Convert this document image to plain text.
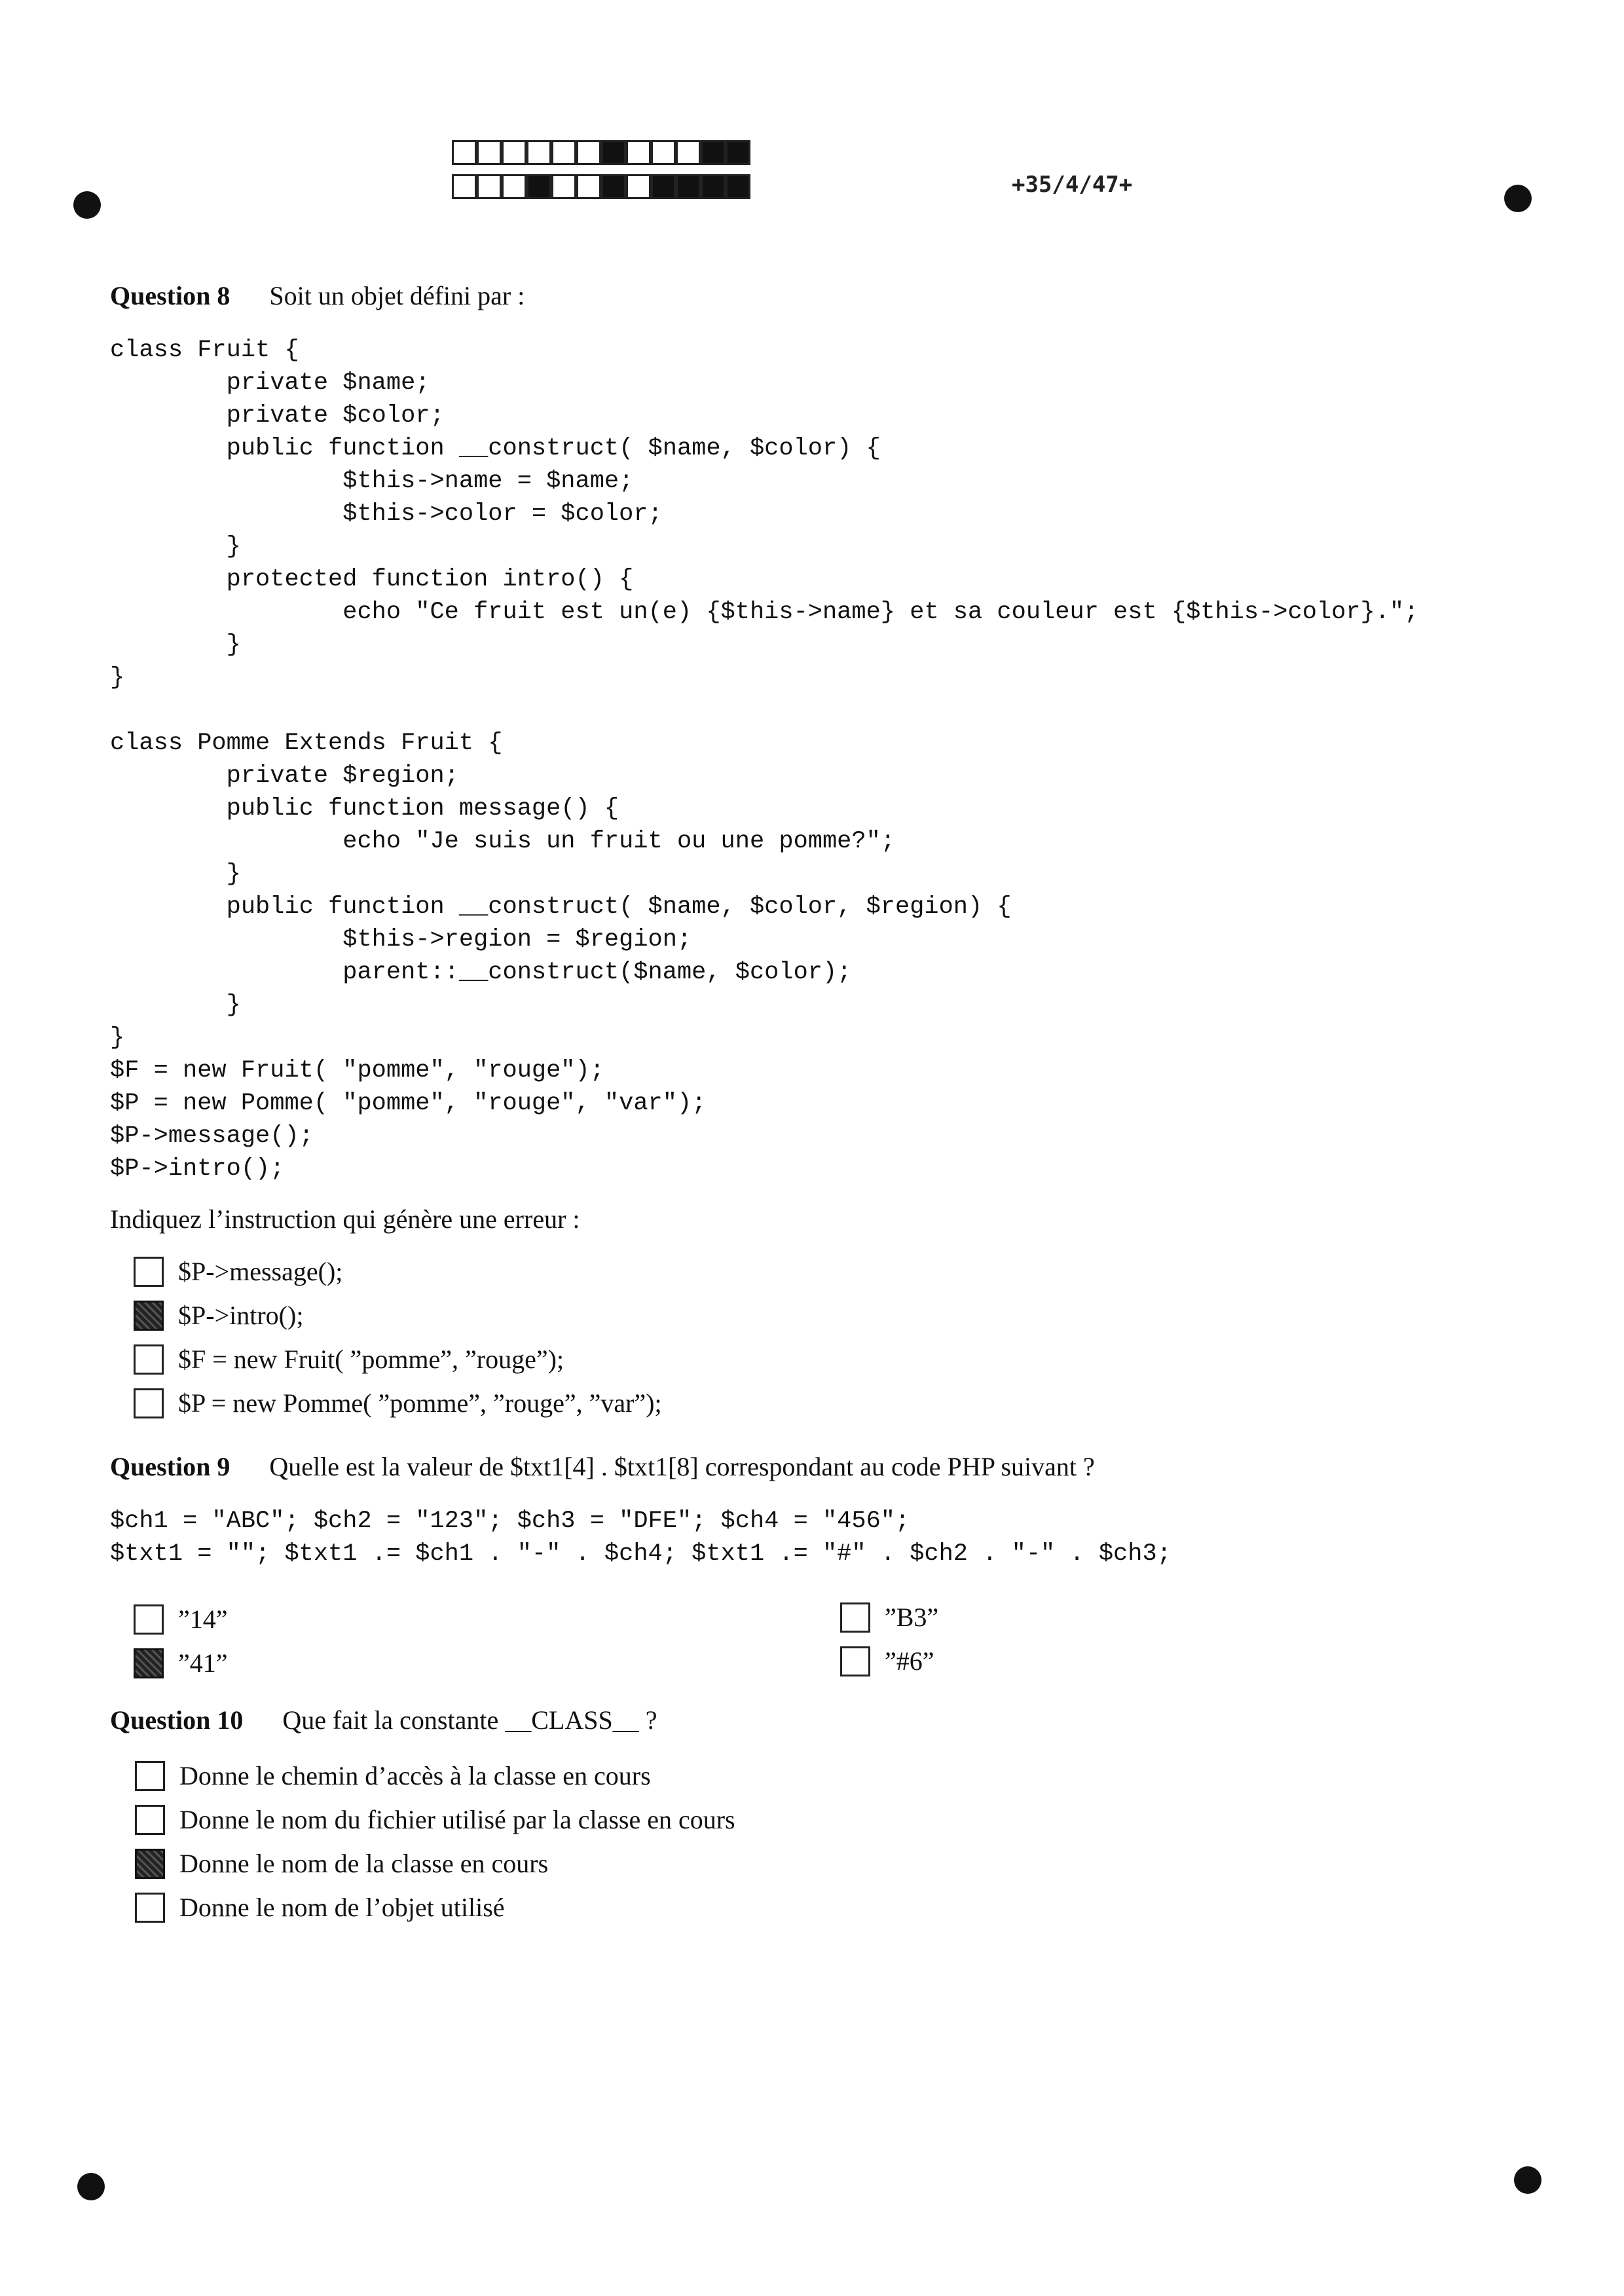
+35/4/47+
Question 8 Soit un objet défini par :
class Fruit {
private $name;
private $color;
public function __construct( $name, $color) {
$this->name = $name;
$this->color = $color;
}
protected function intro() {
echo "Ce fruit est un(e) {$this->name} et sa couleur est {$this->color}.";
}
}

class Pomme Extends Fruit {
private $region;
public function message() {
echo "Je suis un fruit ou une pomme?";
}
public function __construct( $name, $color, $region) {
$this->region = $region;
parent::__construct($name, $color);
}
}
$F = new Fruit( "pomme", "rouge");
$P = new Pomme( "pomme", "rouge", "var");
$P->message();
$P->intro();
Indiquez l’instruction qui génère une erreur :
$P->message();
$P->intro();
$F = new Fruit( ”pomme”, ”rouge”);
$P = new Pomme( ”pomme”, ”rouge”, ”var”);
Question 9 Quelle est la valeur de $txt1[4] . $txt1[8] correspondant au code PHP suivant ?
$ch1 = "ABC"; $ch2 = "123"; $ch3 = "DFE"; $ch4 = "456";
$txt1 = ""; $txt1 .= $ch1 . "-" . $ch4; $txt1 .= "#" . $ch2 . "-" . $ch3;
”14”
”41”
”B3”
”#6”
Question 10 Que fait la constante __CLASS__ ?
Donne le chemin d’accès à la classe en cours
Donne le nom du fichier utilisé par la classe en cours
Donne le nom de la classe en cours
Donne le nom de l’objet utilisé
